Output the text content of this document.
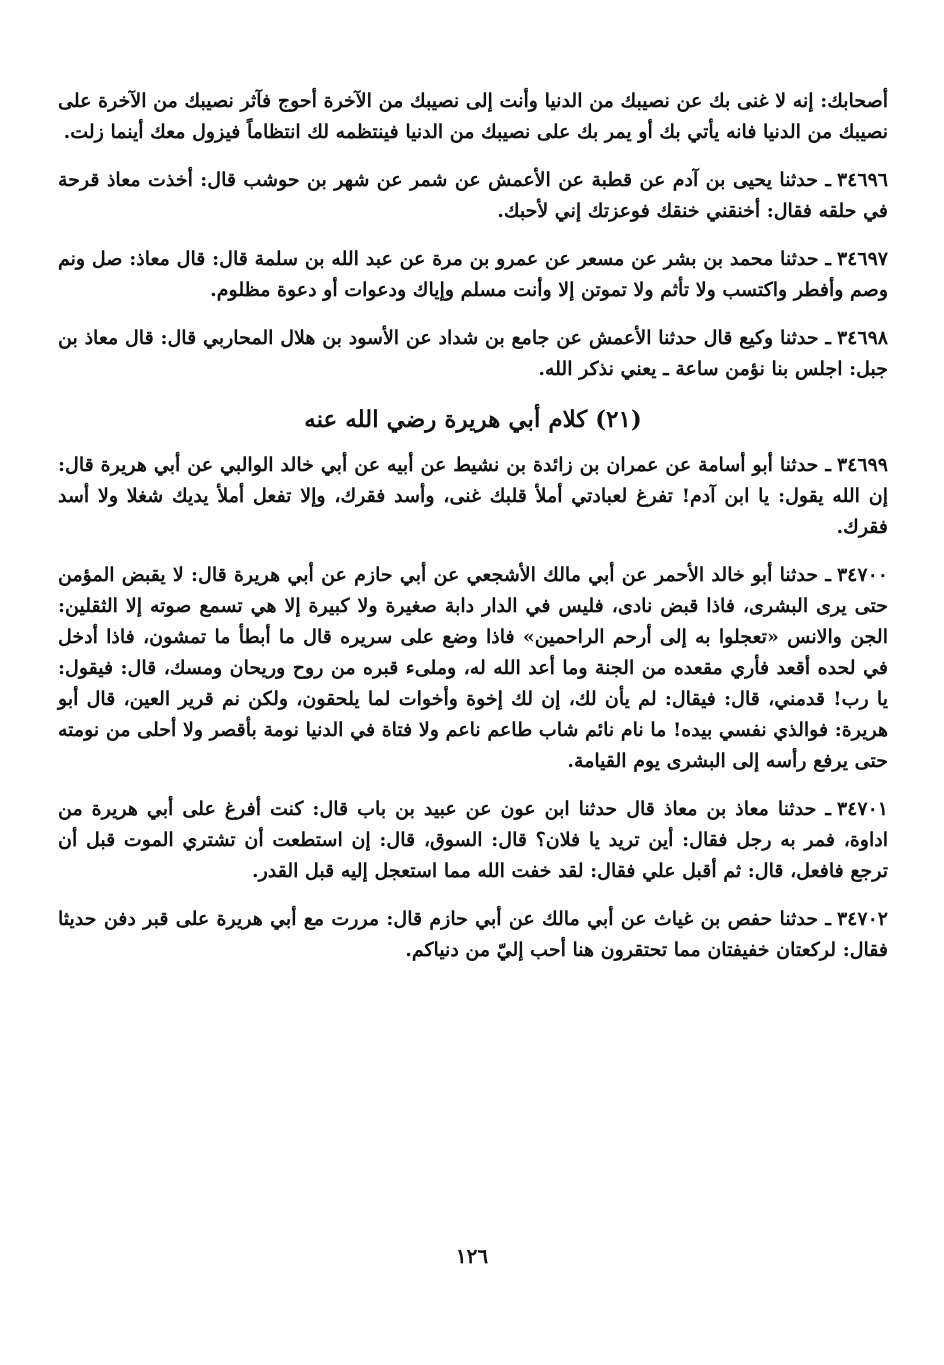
أصحابك: إنه لا غنى بك عن نصيبك من الدنيا وأنت إلى نصيبك من الآخرة أحوج فآثر نصيبك من الآخرة على نصيبك من الدنيا فانه يأتي بك أو يمر بك على نصيبك من الدنيا فينتظمه لك انتظاماً فيزول معك أينما زلت.

٣٤٦٩٦ـ حدثنا يحيى بن آدم عن قطبة عن الأعمش عن شمر عن شهر بن حوشب قال: أخذت معاذ قرحة في حلقه فقال: أخنقني خنقك فوعزتك إني لأحبك.

٣٤٦٩٧ـ حدثنا محمد بن بشر عن مسعر عن عمرو بن مرة عن عبد الله بن سلمة قال: قال معاذ: صل ونم وصم وأفطر واكتسب ولا تأثم ولا تموتن إلا وأنت مسلم وإياك ودعوات أو دعوة مظلوم.

٣٤٦٩٨ـ حدثنا وكيع قال حدثنا الأعمش عن جامع بن شداد عن الأسود بن هلال المحاربي قال: قال معاذ بن جبل: اجلس بنا نؤمن ساعة ـ يعني نذكر الله.

(٢١) كلام أبي هريرة رضي الله عنه

٣٤٦٩٩ـ حدثنا أبو أسامة عن عمران بن زائدة بن نشيط عن أبيه عن أبي خالد الوالبي عن أبي هريرة قال: إن الله يقول: يا ابن آدم! تفرغ لعبادتي أملأ قلبك غنى، وأسد فقرك، وإلا تفعل أملأ يديك شغلا ولا أسد فقرك.

٣٤٧٠٠ـ حدثنا أبو خالد الأحمر عن أبي مالك الأشجعي عن أبي حازم عن أبي هريرة قال: لا يقبض المؤمن حتى يرى البشرى، فاذا قبض نادى، فليس في الدار دابة صغيرة ولا كبيرة إلا هي تسمع صوته إلا الثقلين: الجن والانس «تعجلوا به إلى أرحم الراحمين» فاذا وضع على سريره قال ما أبطأ ما تمشون، فاذا أدخل في لحده أقعد فأري مقعده من الجنة وما أعد الله له، وملىء قبره من روح وريحان ومسك، قال: فيقول: يا رب! قدمني، قال: فيقال: لم يأن لك، إن لك إخوة وأخوات لما يلحقون، ولكن نم قرير العين، قال أبو هريرة: فوالذي نفسي بيده! ما نام نائم شاب طاعم ناعم ولا فتاة في الدنيا نومة بأقصر ولا أحلى من نومته حتى يرفع رأسه إلى البشرى يوم القيامة.

٣٤٧٠١ـ حدثنا معاذ بن معاذ قال حدثنا ابن عون عن عبيد بن باب قال: كنت أفرغ على أبي هريرة من اداوة، فمر به رجل فقال: أين تريد يا فلان؟ قال: السوق، قال: إن استطعت أن تشتري الموت قبل أن ترجع فافعل، قال: ثم أقبل علي فقال: لقد خفت الله مما استعجل إليه قبل القدر.

٣٤٧٠٢ـ حدثنا حفص بن غياث عن أبي مالك عن أبي حازم قال: مررت مع أبي هريرة على قبر دفن حديثا فقال: لركعتان خفيفتان مما تحتقرون هنا أحب إليّ من دنياكم.

١٢٦
